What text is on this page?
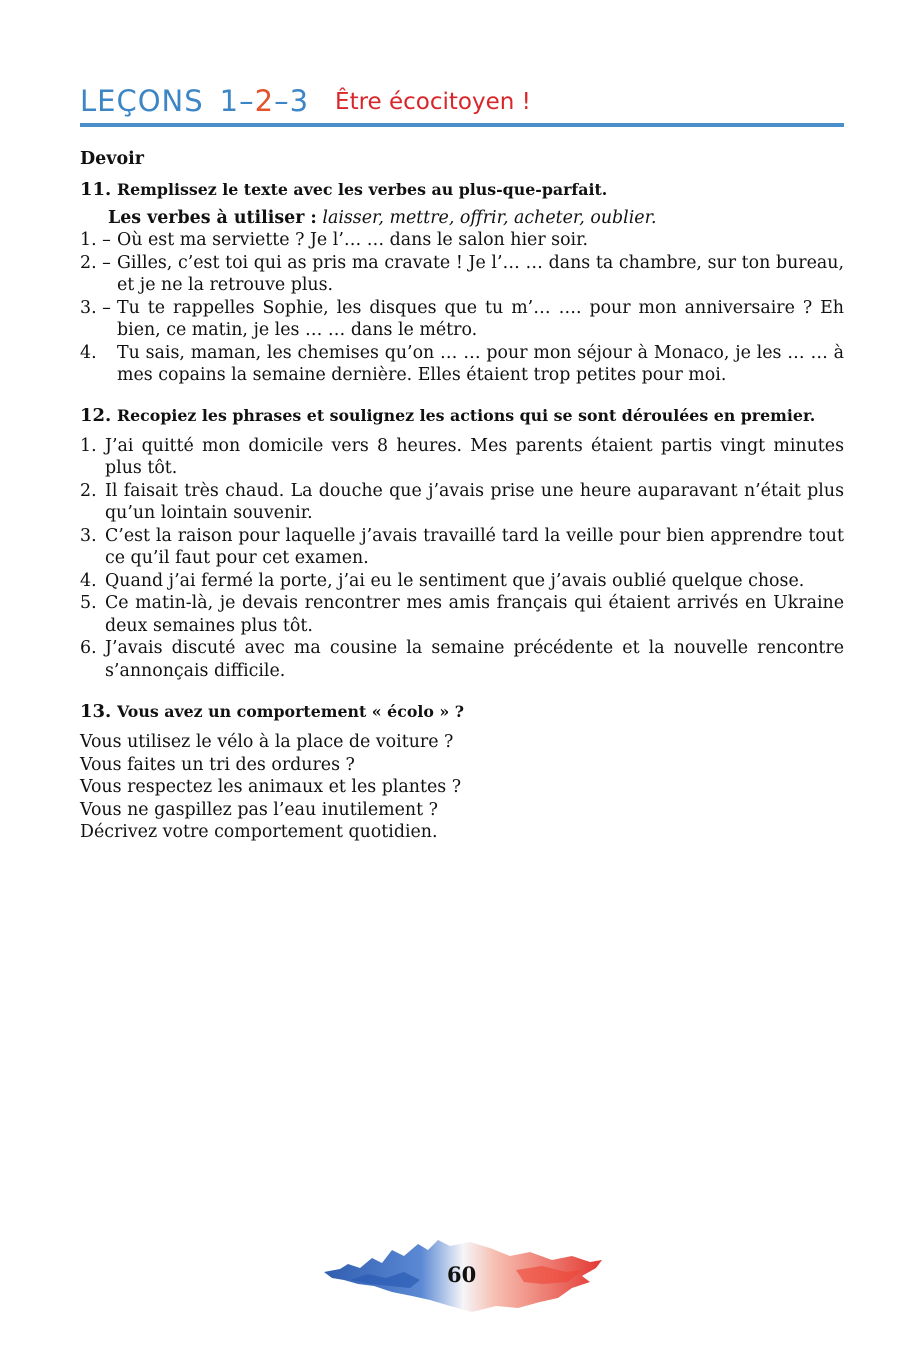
LEÇONS 1–2–3 Être écocitoyen !
Devoir
11. Remplissez le texte avec les verbes au plus-que-parfait.
Les verbes à utiliser : laisser, mettre, offrir, acheter, oublier.
1. – Où est ma serviette ? Je l’… … dans le salon hier soir.
2. – Gilles, c’est toi qui as pris ma cravate ! Je l’… … dans ta chambre, sur ton bureau, et je ne la retrouve plus.
3. – Tu te rappelles Sophie, les disques que tu m’… …. pour mon anniversaire ? Eh bien, ce matin, je les … … dans le métro.
4.	Tu sais, maman, les chemises qu’on … … pour mon séjour à Monaco, je les … … à mes copains la semaine dernière. Elles étaient trop petites pour moi.
12. Recopiez les phrases et soulignez les actions qui se sont déroulées en premier.
1. J’ai quitté mon domicile vers 8 heures. Mes parents étaient partis vingt minutes plus tôt.
2. Il faisait très chaud. La douche que j’avais prise une heure auparavant n’était plus qu’un lointain souvenir.
3. C’est la raison pour laquelle j’avais travaillé tard la veille pour bien apprendre tout ce qu’il faut pour cet examen.
4. Quand j’ai fermé la porte, j’ai eu le sentiment que j’avais oublié quelque chose.
5. Ce matin-là, je devais rencontrer mes amis français qui étaient arrivés en Ukraine deux semaines plus tôt.
6. J’avais discuté avec ma cousine la semaine précédente et la nouvelle rencontre s’annonçais difficile.
13. Vous avez un comportement « écolo » ?

Vous utilisez le vélo à la place de voiture ?

Vous faites un tri des ordures ?

Vous respectez les animaux et les plantes ?

Vous ne gaspillez pas l’eau inutilement ?

Décrivez votre comportement quotidien.

60
